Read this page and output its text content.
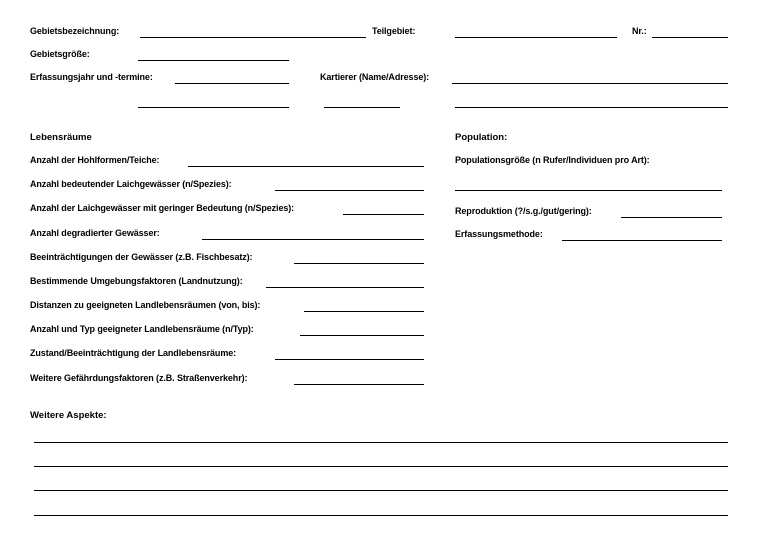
Gebietsbezeichnung:	Teilgebiet:	Nr.:
Gebietsgröße:
Erfassungsjahr und -termine:	Kartierer (Name/Adresse):
Lebensräume
Anzahl der Hohlformen/Teiche:
Anzahl bedeutender Laichgewässer (n/Spezies):
Anzahl der Laichgewässer mit geringer Bedeutung (n/Spezies):
Anzahl degradierter Gewässer:
Beeinträchtigungen der Gewässer (z.B. Fischbesatz):
Bestimmende Umgebungsfaktoren (Landnutzung):
Distanzen zu geeigneten Landlebensräumen (von, bis):
Anzahl und Typ geeigneter Landlebensräume (n/Typ):
Zustand/Beeinträchtigung der Landlebensräume:
Weitere Gefährdungsfaktoren (z.B. Straßenverkehr):
Population:
Populationsgröße (n Rufer/Individuen pro Art):
Reproduktion (?/s.g./gut/gering):
Erfassungsmethode:
Weitere Aspekte:
